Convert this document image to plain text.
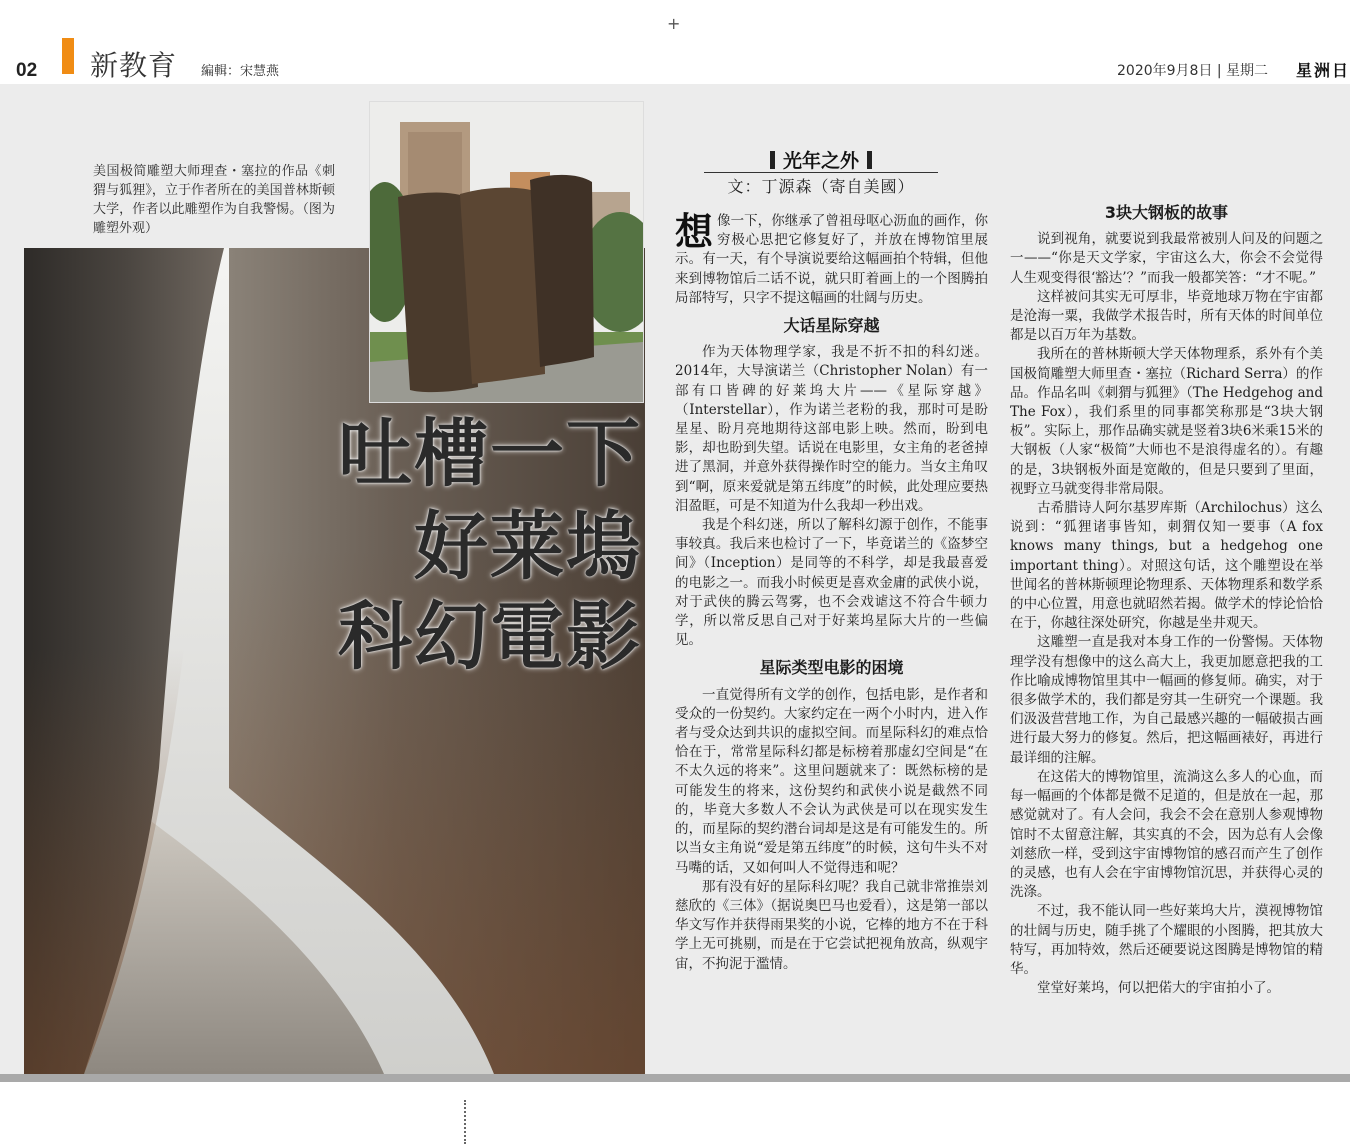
+
02 新教育 編輯：宋慧燕	2020年9月8日 | 星期二 星洲日
美国极简雕塑大师理查・塞拉的作品《刺猬与狐狸》，立于作者所在的美国普林斯顿大学，作者以此雕塑作为自我警惕。（图为雕塑外观）
吐槽一下
好莱塢
科幻電影
光年之外
文：丁源森（寄自美國）

想像一下，你继承了曾祖母呕心沥血的画作，你穷极心思把它修复好了，并放在博物馆里展示。有一天，有个导演说要给这幅画拍个特辑，但他来到博物馆后二话不说，就只盯着画上的一个图腾拍局部特写，只字不提这幅画的壮阔与历史。

大话星际穿越

作为天体物理学家，我是不折不扣的科幻迷。2014年，大导演诺兰（Christopher Nolan）有一部有口皆碑的好莱坞大片——《星际穿越》（Interstellar），作为诺兰老粉的我，那时可是盼星星、盼月亮地期待这部电影上映。然而，盼到电影，却也盼到失望。话说在电影里，女主角的老爸掉进了黑洞，并意外获得操作时空的能力。当女主角叹到“啊，原来爱就是第五纬度”的时候，此处理应要热泪盈眶，可是不知道为什么我却一秒出戏。

我是个科幻迷，所以了解科幻源于创作，不能事事较真。我后来也检讨了一下，毕竟诺兰的《盗梦空间》（Inception）是同等的不科学，却是我最喜爱的电影之一。而我小时候更是喜欢金庸的武侠小说，对于武侠的腾云驾雾，也不会戏谑这不符合牛顿力学，所以常反思自己对于好莱坞星际大片的一些偏见。

星际类型电影的困境

一直觉得所有文学的创作，包括电影，是作者和受众的一份契约。大家约定在一两个小时内，进入作者与受众达到共识的虚拟空间。而星际科幻的难点恰恰在于，常常星际科幻都是标榜着那虚幻空间是“在不太久远的将来”。这里问题就来了：既然标榜的是可能发生的将来，这份契约和武侠小说是截然不同的，毕竟大多数人不会认为武侠是可以在现实发生的，而星际的契约潜台词却是这是有可能发生的。所以当女主角说“爱是第五纬度”的时候，这句牛头不对马嘴的话，又如何叫人不觉得违和呢？

那有没有好的星际科幻呢？我自己就非常推崇刘慈欣的《三体》（据说奥巴马也爱看），这是第一部以华文写作并获得雨果奖的小说，它棒的地方不在于科学上无可挑剔，而是在于它尝试把视角放高，纵观宇宙，不拘泥于濫情。

3块大钢板的故事

说到视角，就要说到我最常被别人问及的问题之一——“你是天文学家，宇宙这么大，你会不会觉得人生观变得很‘豁达’？”而我一般都笑答：“才不呢。”

这样被问其实无可厚非，毕竟地球万物在宇宙都是沧海一粟，我做学术报告时，所有天体的时间单位都是以百万年为基数。

我所在的普林斯顿大学天体物理系，系外有个美国极简雕塑大师里查・塞拉（Richard Serra）的作品。作品名叫《刺猬与狐狸》（The Hedgehog and The Fox），我们系里的同事都笑称那是“3块大钢板”。实际上，那作品确实就是竖着3块6米乘15米的大钢板（人家“极简”大师也不是浪得虚名的）。有趣的是，3块钢板外面是宽敞的，但是只要到了里面，视野立马就变得非常局限。

古希腊诗人阿尔基罗库斯（Archilochus）这么说到：“狐狸诸事皆知，刺猬仅知一要事（A fox knows many things, but a hedgehog one important thing）。对照这句话，这个雕塑设在举世闻名的普林斯顿理论物理系、天体物理系和数学系的中心位置，用意也就昭然若揭。做学术的悖论恰恰在于，你越往深处研究，你越是坐井观天。

这雕塑一直是我对本身工作的一份警惕。天体物理学没有想像中的这么高大上，我更加愿意把我的工作比喻成博物馆里其中一幅画的修复师。确实，对于很多做学术的，我们都是穷其一生研究一个课题。我们汲汲营营地工作，为自己最感兴趣的一幅破损古画进行最大努力的修复。然后，把这幅画裱好，再进行最详细的注解。

在这偌大的博物馆里，流淌这么多人的心血，而每一幅画的个体都是微不足道的，但是放在一起，那感觉就对了。有人会问，我会不会在意别人参观博物馆时不太留意注解，其实真的不会，因为总有人会像刘慈欣一样，受到这宇宙博物馆的感召而产生了创作的灵感，也有人会在宇宙博物馆沉思，并获得心灵的洗涤。

不过，我不能认同一些好莱坞大片，漠视博物馆的壮阔与历史，随手挑了个耀眼的小图腾，把其放大特写，再加特效，然后还硬要说这图腾是博物馆的精华。

堂堂好莱坞，何以把偌大的宇宙拍小了。
